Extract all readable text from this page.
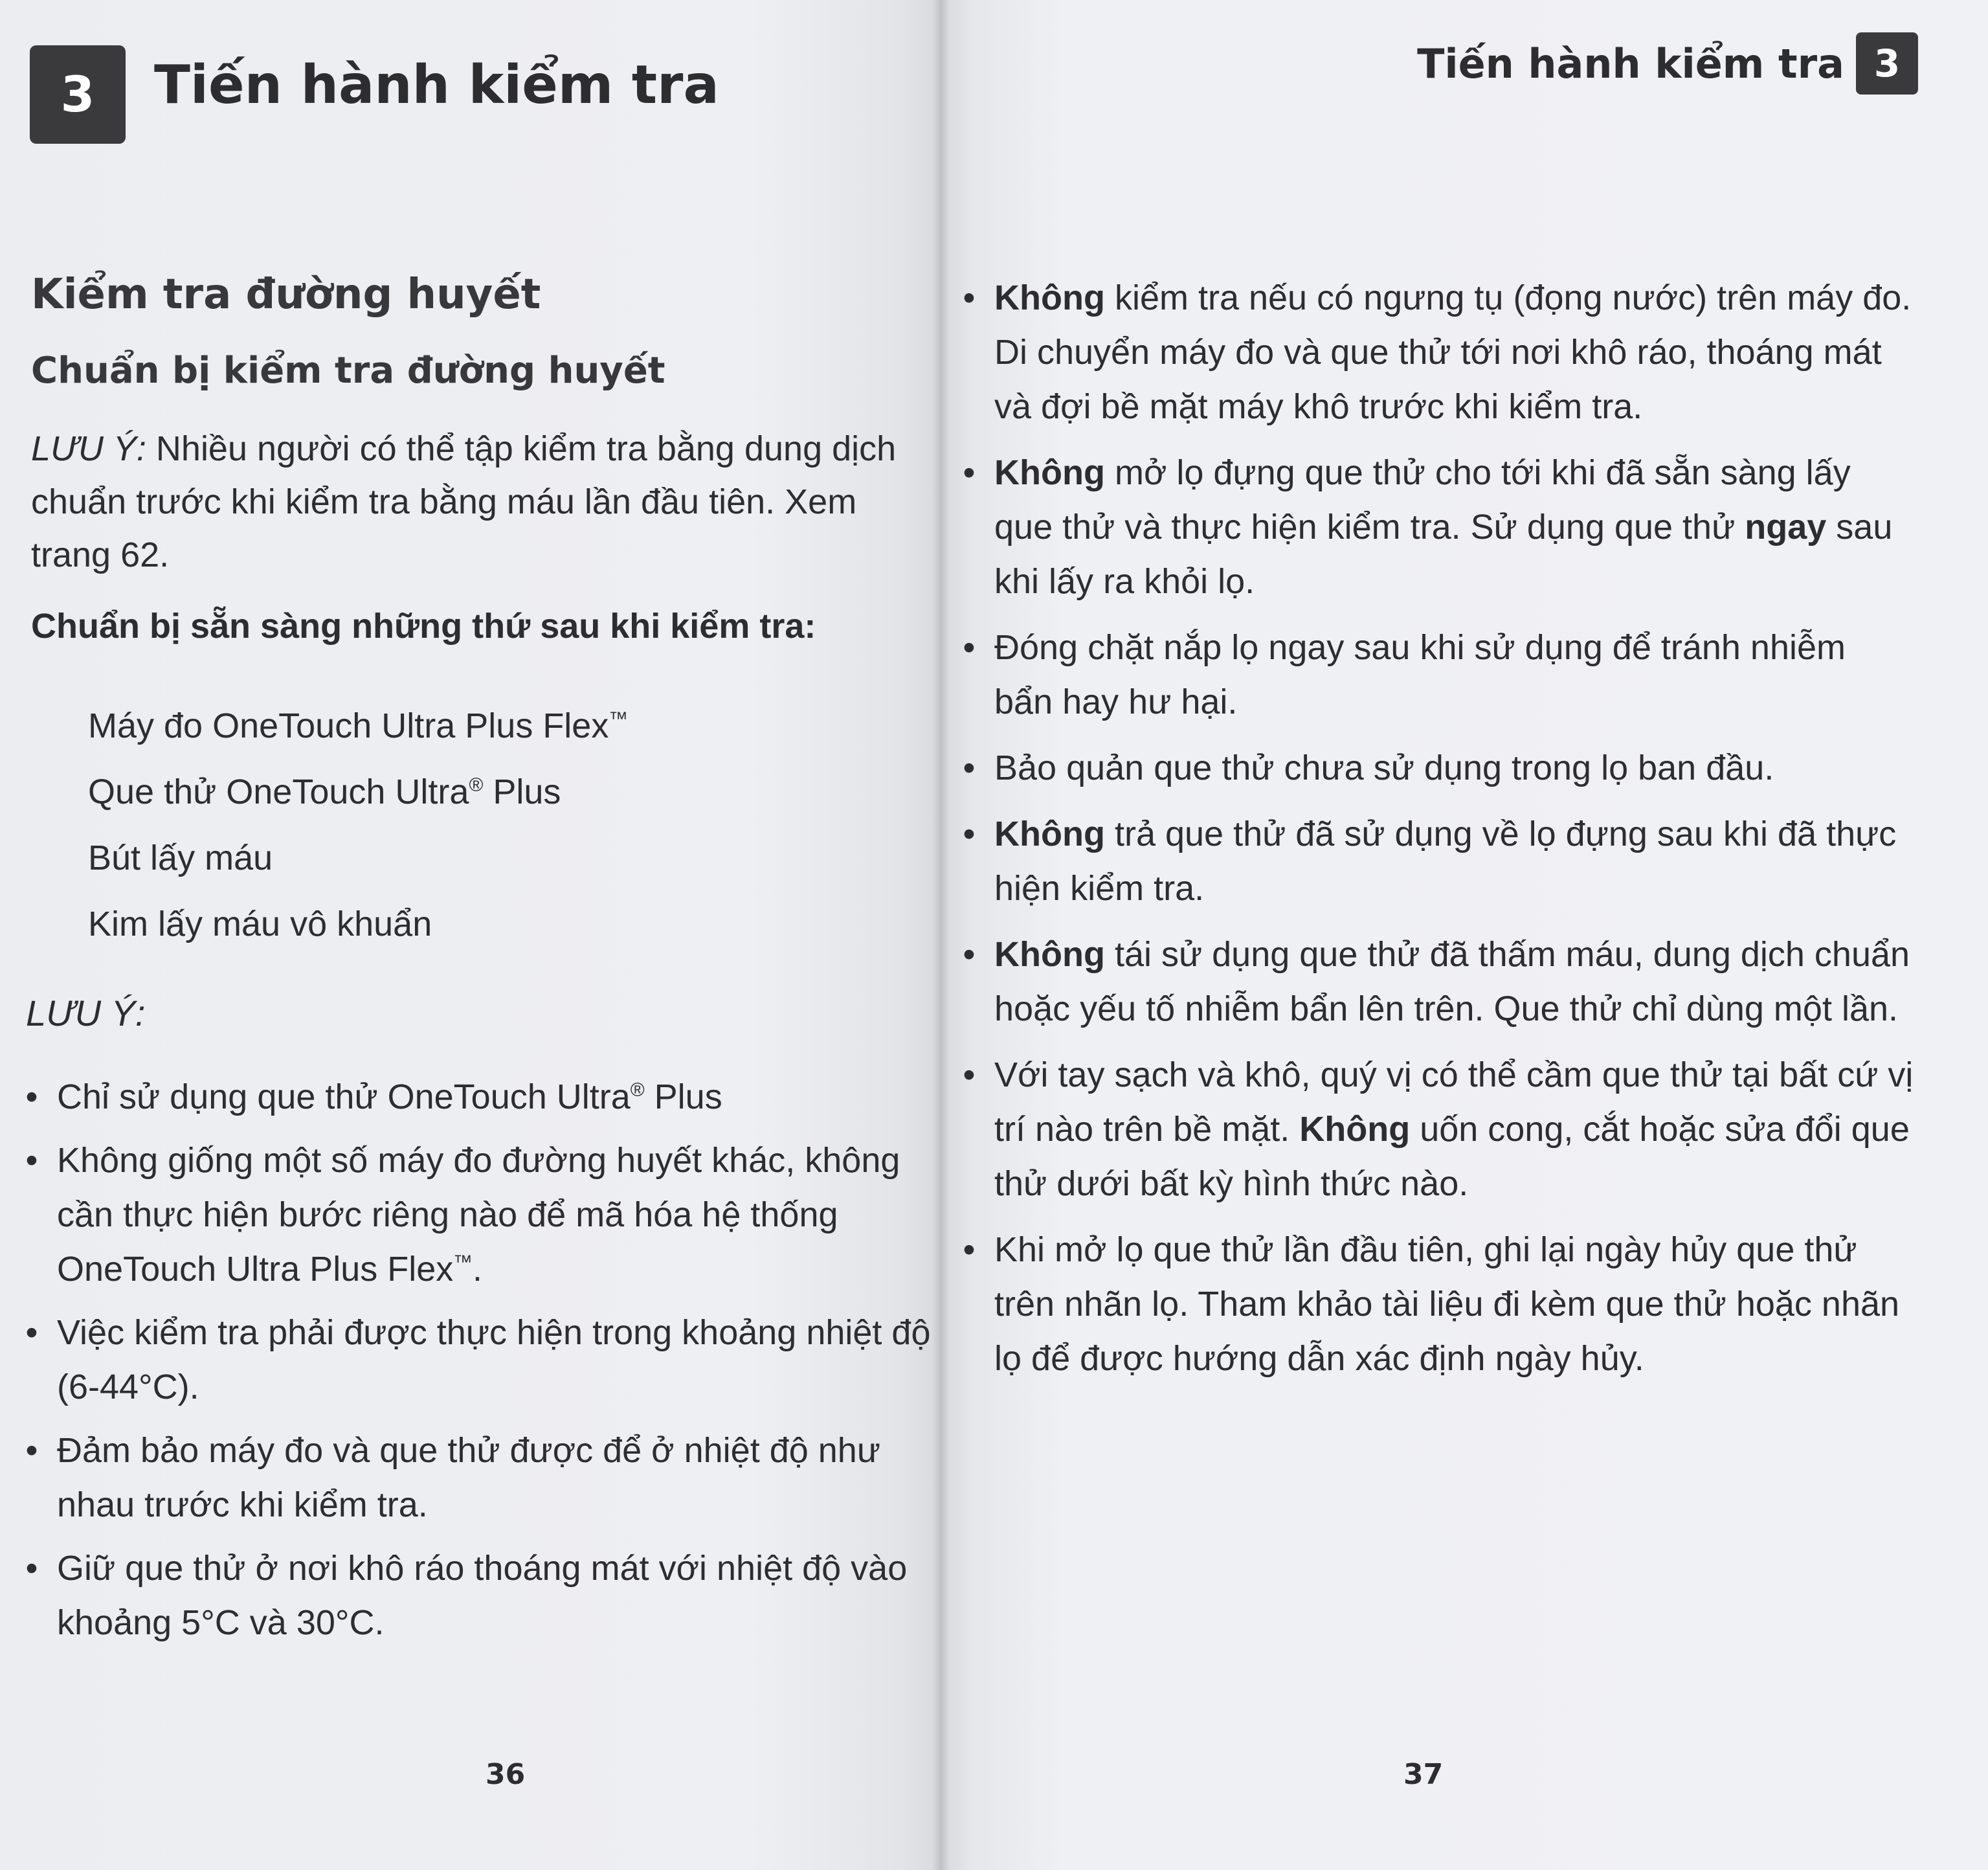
3	Tiến hành kiểm tra
Kiểm tra đường huyết
Chuẩn bị kiểm tra đường huyết
LƯU Ý: Nhiều người có thể tập kiểm tra bằng dung dịch chuẩn trước khi kiểm tra bằng máu lần đầu tiên. Xem trang 62.
Chuẩn bị sẵn sàng những thứ sau khi kiểm tra:
Máy đo OneTouch Ultra Plus Flex™
Que thử OneTouch Ultra® Plus
Bút lấy máu
Kim lấy máu vô khuẩn
LƯU Ý:
• Chỉ sử dụng que thử OneTouch Ultra® Plus
• Không giống một số máy đo đường huyết khác, không cần thực hiện bước riêng nào để mã hóa hệ thống OneTouch Ultra Plus Flex™.
• Việc kiểm tra phải được thực hiện trong khoảng nhiệt độ (6-44°C).
• Đảm bảo máy đo và que thử được để ở nhiệt độ như nhau trước khi kiểm tra.
• Giữ que thử ở nơi khô ráo thoáng mát với nhiệt độ vào khoảng 5°C và 30°C.
36
Tiến hành kiểm tra 3
• Không kiểm tra nếu có ngưng tụ (đọng nước) trên máy đo. Di chuyển máy đo và que thử tới nơi khô ráo, thoáng mát và đợi bề mặt máy khô trước khi kiểm tra.
• Không mở lọ đựng que thử cho tới khi đã sẵn sàng lấy que thử và thực hiện kiểm tra. Sử dụng que thử ngay sau khi lấy ra khỏi lọ.
• Đóng chặt nắp lọ ngay sau khi sử dụng để tránh nhiễm bẩn hay hư hại.
• Bảo quản que thử chưa sử dụng trong lọ ban đầu.
• Không trả que thử đã sử dụng về lọ đựng sau khi đã thực hiện kiểm tra.
• Không tái sử dụng que thử đã thấm máu, dung dịch chuẩn hoặc yếu tố nhiễm bẩn lên trên. Que thử chỉ dùng một lần.
• Với tay sạch và khô, quý vị có thể cầm que thử tại bất cứ vị trí nào trên bề mặt. Không uốn cong, cắt hoặc sửa đổi que thử dưới bất kỳ hình thức nào.
• Khi mở lọ que thử lần đầu tiên, ghi lại ngày hủy que thử trên nhãn lọ. Tham khảo tài liệu đi kèm que thử hoặc nhãn lọ để được hướng dẫn xác định ngày hủy.
37
